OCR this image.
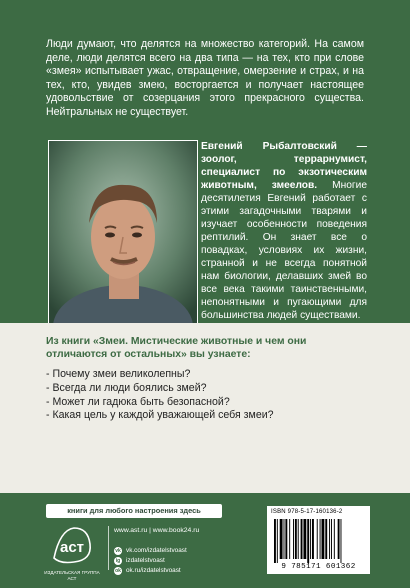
Люди думают, что делятся на множество категорий. На самом деле, люди делятся всего на два типа — на тех, кто при слове «змея» испытывает ужас, отвращение, омерзение и страх, и на тех, кто, увидев змею, восторгается и получает настоящее удовольствие от созерцания этого прекрасного существа. Нейтральных не существует.

Евгений Рыбалтовский — зоолог, террарнумист, специалист по экзотическим животным, змеелов. Многие десятилетия Евгений работает с этими загадочными тварями и изучает особенности поведения рептилий. Он знает все о повадках, условиях их жизни, странной и не всегда понятной нам биологии, делавших змей во все века такими таинственными, непонятными и пугающими для большинства людей существами.

Из книги «Змеи. Мистические животные и чем они отличаются от остальных» вы узнаете:
- Почему змеи великолепны?
- Всегда ли люди боялись змей?
- Может ли гадюка быть безопасной?
- Какая цель у каждой уважающей себя змеи?
книги для любого настроения здесь
аст
ИЗДАТЕЛЬСКАЯ ГРУППА АСТ
www.ast.ru | www.book24.ru
vk vk.com/izdatelstvoast
ig izdatelstvoast
ok ok.ru/izdatelstvoast
ISBN 978-5-17-160136-2
9 785171 601362
